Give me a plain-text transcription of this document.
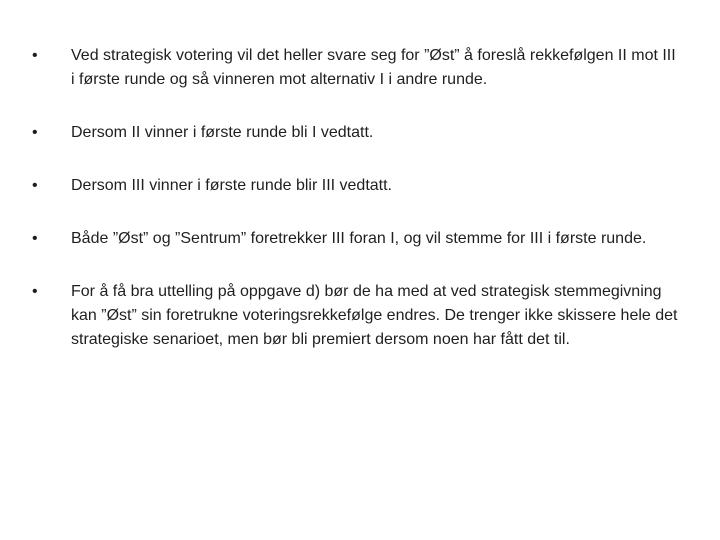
• Ved strategisk votering vil det heller svare seg for ”Øst” å foreslå rekkefølgen II mot III i første runde og så vinneren mot alternativ I i andre runde.
• Dersom II vinner i første runde bli I vedtatt.
• Dersom III vinner i første runde blir III vedtatt.
• Både ”Øst” og ”Sentrum” foretrekker III foran I, og vil stemme for III i første runde.
• For å få bra uttelling på oppgave d) bør de ha med at ved strategisk stemmegivning kan ”Øst” sin foretrukne voteringsrekkefølge endres. De trenger ikke skissere hele det strategiske senarioet, men bør bli premiert dersom noen har fått det til.
